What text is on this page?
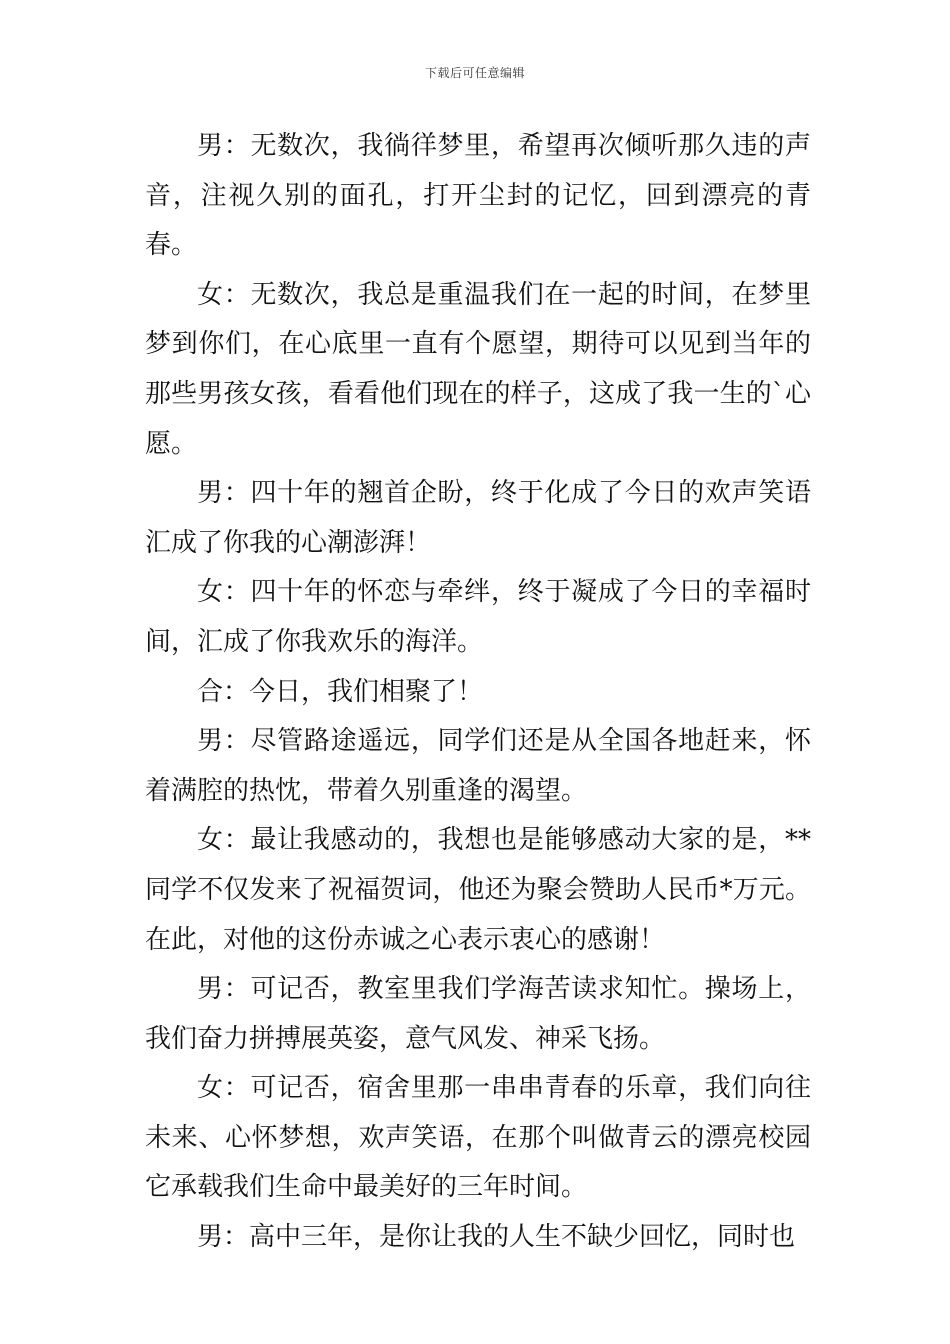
下载后可任意编辑

男：无数次，我徜徉梦里，希望再次倾听那久违的声音，注视久别的面孔，打开尘封的记忆，回到漂亮的青春。

女：无数次，我总是重温我们在一起的时间，在梦里梦到你们，在心底里一直有个愿望，期待可以见到当年的那些男孩女孩，看看他们现在的样子，这成了我一生的`心愿。

男：四十年的翘首企盼，终于化成了今日的欢声笑语汇成了你我的心潮澎湃！

女：四十年的怀恋与牵绊，终于凝成了今日的幸福时间，汇成了你我欢乐的海洋。

合：今日，我们相聚了！

男：尽管路途遥远，同学们还是从全国各地赶来，怀着满腔的热忱，带着久别重逢的渴望。

女：最让我感动的，我想也是能够感动大家的是，**同学不仅发来了祝福贺词，他还为聚会赞助人民币*万元。在此，对他的这份赤诚之心表示衷心的感谢！

男：可记否，教室里我们学海苦读求知忙。操场上，我们奋力拼搏展英姿，意气风发、神采飞扬。

女：可记否，宿舍里那一串串青春的乐章，我们向往未来、心怀梦想，欢声笑语，在那个叫做青云的漂亮校园它承载我们生命中最美好的三年时间。

男：高中三年，是你让我的人生不缺少回忆，同时也
